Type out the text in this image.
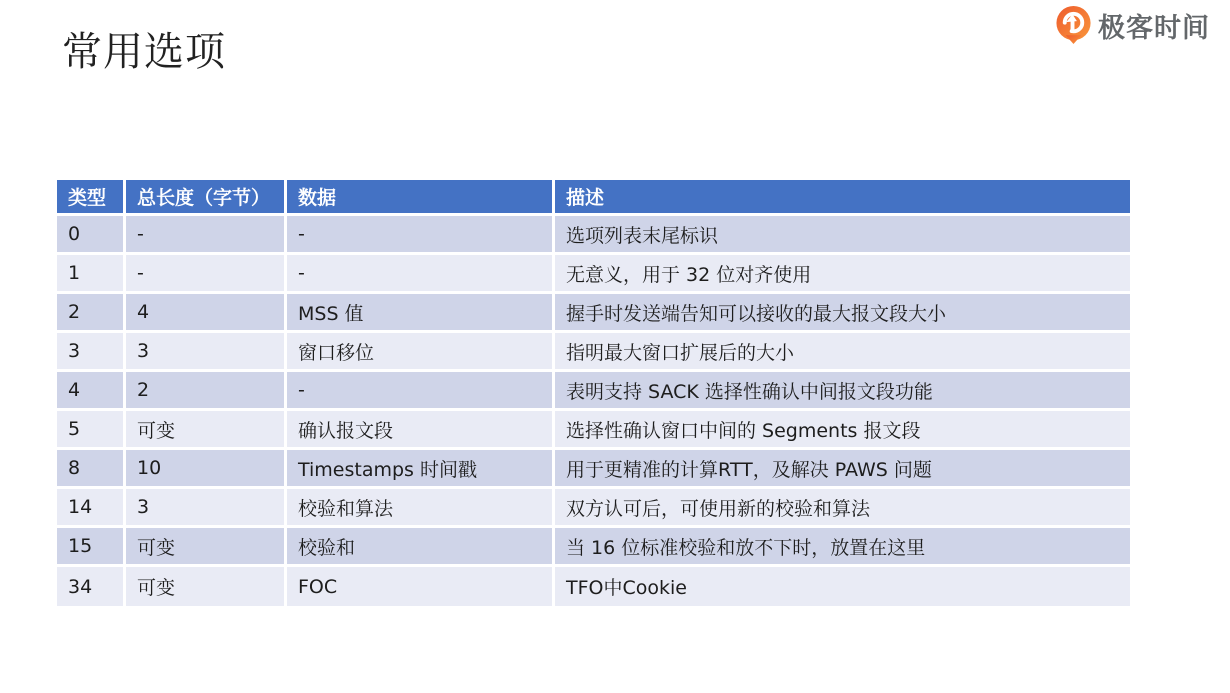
常用选项
极客时间
类型	总长度（字节）	数据	描述
0	-	-	选项列表末尾标识
1	-	-	无意义，用于 32 位对齐使用
2	4	MSS 值	握手时发送端告知可以接收的最大报文段大小
3	3	窗口移位	指明最大窗口扩展后的大小
4	2	-	表明支持 SACK 选择性确认中间报文段功能
5	可变	确认报文段	选择性确认窗口中间的 Segments 报文段
8	10	Timestamps 时间戳	用于更精准的计算RTT，及解决 PAWS 问题
14	3	校验和算法	双方认可后，可使用新的校验和算法
15	可变	校验和	当 16 位标准校验和放不下时，放置在这里
34	可变	FOC	TFO中Cookie
